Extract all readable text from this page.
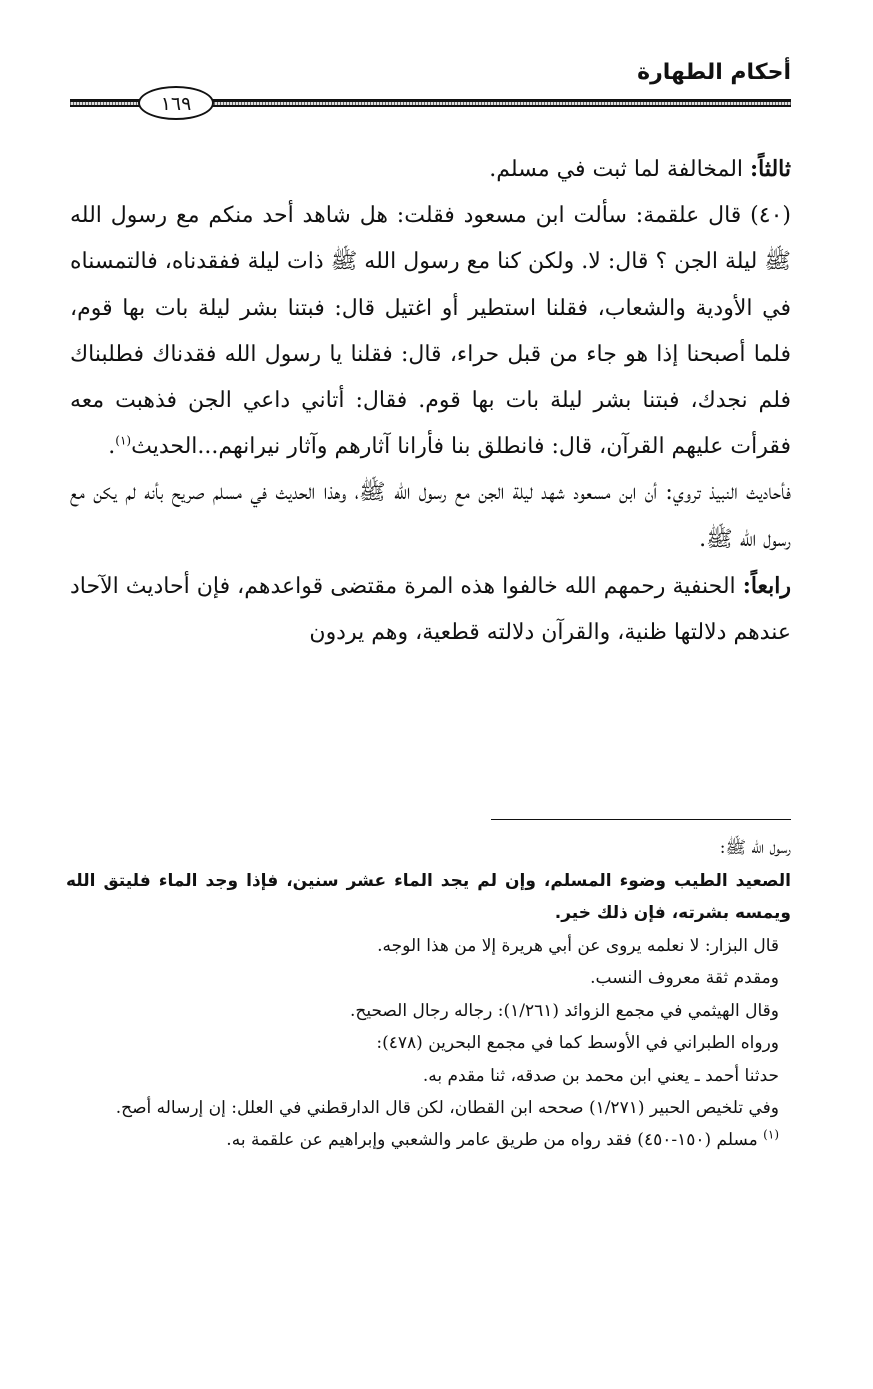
أحكام الطهارة
١٦٩

ثالثاً: المخالفة لما ثبت في مسلم.

(٤٠) قال علقمة: سألت ابن مسعود فقلت: هل شاهد أحد منكم مع رسول الله ﷺ ليلة الجن ؟ قال: لا. ولكن كنا مع رسول الله ﷺ ذات ليلة ففقدناه، فالتمسناه في الأودية والشعاب، فقلنا استطير أو اغتيل قال: فبتنا بشر ليلة بات بها قوم، فلما أصبحنا إذا هو جاء من قبل حراء، قال: فقلنا يا رسول الله فقدناك فطلبناك فلم نجدك، فبتنا بشر ليلة بات بها قوم. فقال: أتاني داعي الجن فذهبت معه فقرأت عليهم القرآن، قال: فانطلق بنا فأرانا آثارهم وآثار نيرانهم...الحديث$^{(١)}$.

فأحاديث النبيذ تروي: أن ابن مسعود شهد ليلة الجن مع رسول الله ﷺ، وهذا الحديث في مسلم صريح بأنه لم يكن مع رسول الله ﷺ.

رابعاً: الحنفية رحمهم الله خالفوا هذه المرة مقتضى قواعدهم، فإن أحاديث الآحاد عندهم دلالتها ظنية، والقرآن دلالته قطعية، وهم يردون

رسول الله ﷺ:

الصعيد الطيب وضوء المسلم، وإن لم يجد الماء عشر سنين، فإذا وجد الماء فليتق الله ويمسه بشرته، فإن ذلك خير.

قال البزار: لا نعلمه يروى عن أبي هريرة إلا من هذا الوجه.

ومقدم ثقة معروف النسب.

وقال الهيثمي في مجمع الزوائد (١/٢٦١): رجاله رجال الصحيح.

ورواه الطبراني في الأوسط كما في مجمع البحرين (٤٧٨):

حدثنا أحمد ـ يعني ابن محمد بن صدقه، ثنا مقدم به.

وفي تلخيص الحبير (١/٢٧١) صححه ابن القطان، لكن قال الدارقطني في العلل: إن إرساله أصح.

$^{(١)}$ مسلم (١٥٠-٤٥٠) فقد رواه من طريق عامر والشعبي وإبراهيم عن علقمة به.
